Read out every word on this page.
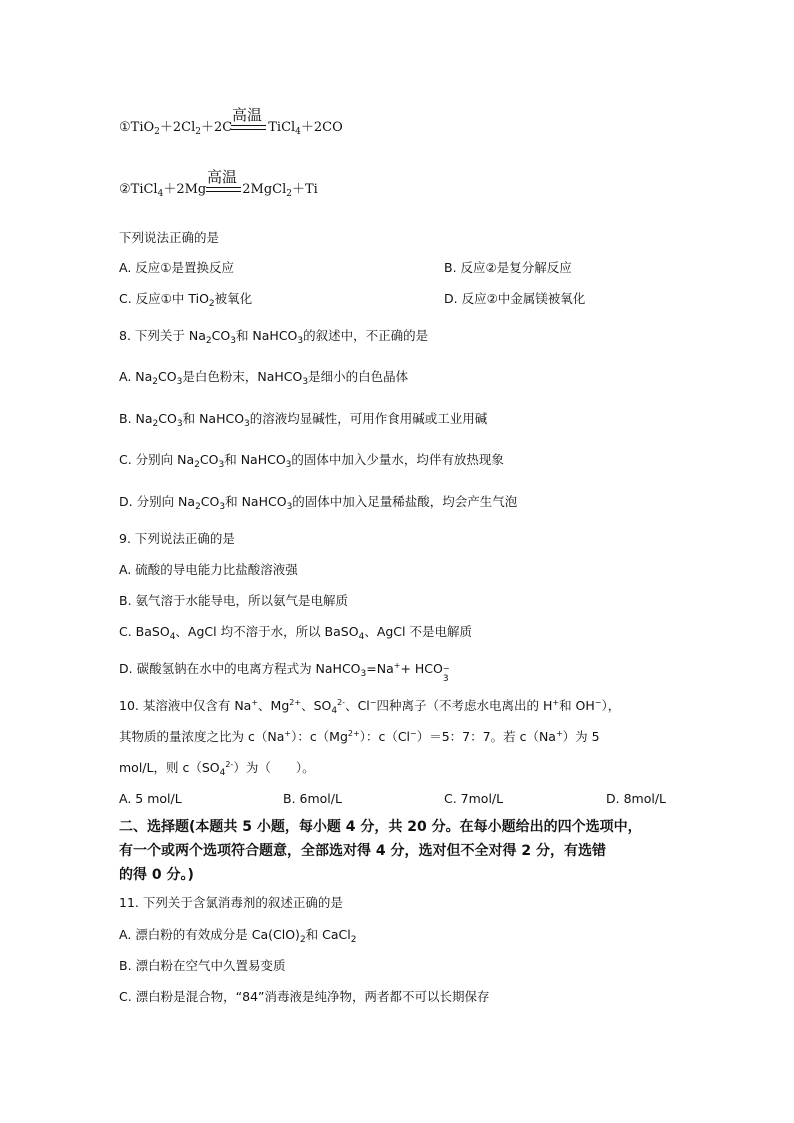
$①TiO_2+2Cl_2+2C$	TiCl$_4$＋2CO
高温
②TiCl$_4$＋2Mg	2MgCl$_2$＋Ti
高温
下列说法正确的是
A. 反应①是置换反应	B. 反应②是复分解反应
C. 反应①中 TiO$_2$被氧化	D. 反应②中金属镁被氧化
8. 下列关于 $Na_2CO_3$和 NaHCO$_3$的叙述中，不正确的是
A. $Na_2CO_3$是白色粉末，NaHCO$_3$是细小的白色晶体
B. $Na_2CO_3$和 NaHCO$_3$的溶液均显碱性，可用作食用碱或工业用碱
C. 分别向 $Na_2CO_3$和 NaHCO$_3$的固体中加入少量水，均伴有放热现象
D. 分别向 $Na_2CO_3$和 NaHCO$_3$的固体中加入足量稀盐酸，均会产生气泡
9. 下列说法正确的是
A. 硫酸的导电能力比盐酸溶液强
B. 氨气溶于水能导电，所以氨气是电解质
C. BaSO$_4$、AgCl 均不溶于水，所以 BaSO$_4$、AgCl 不是电解质
D. 碳酸氢钠在水中的电离方程式为 NaHCO$_3$=Na++ HCO −
3
10. 某溶液中仅含有 Na+、$Mg^{2+}$、$SO_4^{2-}$、Cl−四种离子（不考虑水电离出的 H+和 OH−），
其物质的量浓度之比为 c（Na+）：$c(Mg^{2+})$：c（Cl−）＝5：7：7。若 c（Na+）为 5
mol/L，则 $c(SO_4^{2-})$为（　　）。
A. 5 mol/L	B. 6mol/L	C. 7mol/L	D. 8mol/L
二、选择题(本题共 5 小题，每小题 4 分，共 20 分。在每小题给出的四个选项中，
有一个或两个选项符合题意，全部选对得 4 分，选对但不全对得 2 分，有选错
的得 0 分。)
11. 下列关于含氯消毒剂的叙述正确的是
A. 漂白粉的有效成分是 $Ca(ClO)_2$和 CaCl$_2$
B. 漂白粉在空气中久置易变质
C. 漂白粉是混合物，“84”消毒液是纯净物，两者都不可以长期保存
